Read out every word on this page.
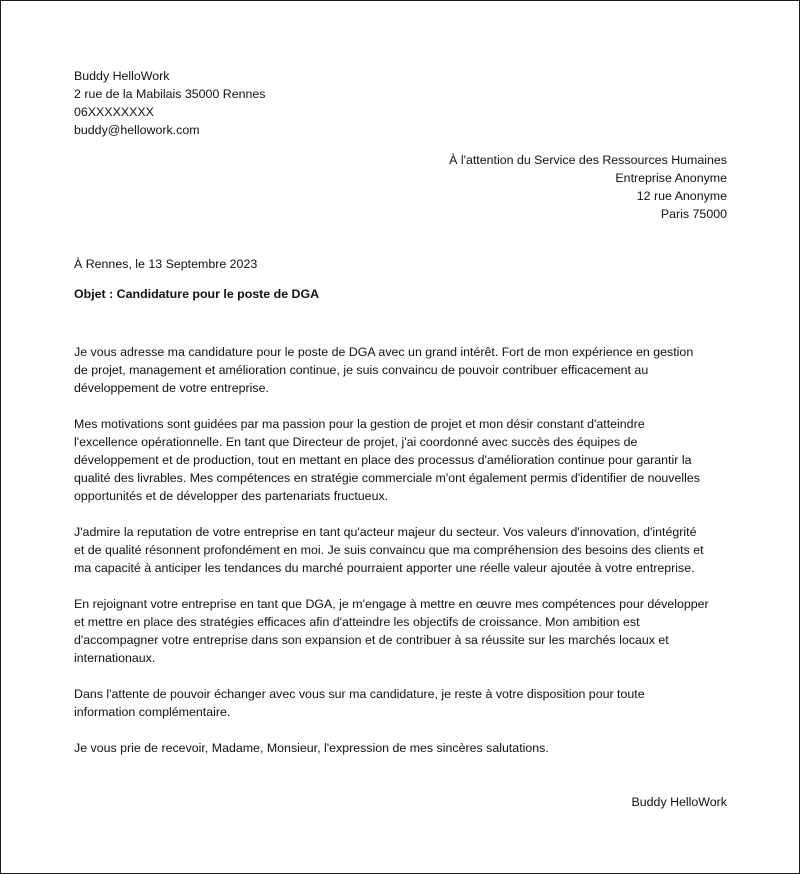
Buddy HelloWork
2 rue de la Mabilais 35000 Rennes
06XXXXXXXX
buddy@hellowork.com
À l'attention du Service des Ressources Humaines
Entreprise Anonyme
12 rue Anonyme
Paris 75000
À Rennes, le 13 Septembre 2023
Objet : Candidature pour le poste de DGA
Je vous adresse ma candidature pour le poste de DGA avec un grand intérêt. Fort de mon expérience en gestion
de projet, management et amélioration continue, je suis convaincu de pouvoir contribuer efficacement au
développement de votre entreprise.
Mes motivations sont guidées par ma passion pour la gestion de projet et mon désir constant d'atteindre
l'excellence opérationnelle. En tant que Directeur de projet, j'ai coordonné avec succès des équipes de
développement et de production, tout en mettant en place des processus d'amélioration continue pour garantir la
qualité des livrables. Mes compétences en stratégie commerciale m'ont également permis d'identifier de nouvelles
opportunités et de développer des partenariats fructueux.
J'admire la reputation de votre entreprise en tant qu'acteur majeur du secteur. Vos valeurs d'innovation, d'intégrité
et de qualité résonnent profondément en moi. Je suis convaincu que ma compréhension des besoins des clients et
ma capacité à anticiper les tendances du marché pourraient apporter une réelle valeur ajoutée à votre entreprise.
En rejoignant votre entreprise en tant que DGA, je m'engage à mettre en œuvre mes compétences pour développer
et mettre en place des stratégies efficaces afin d'atteindre les objectifs de croissance. Mon ambition est
d'accompagner votre entreprise dans son expansion et de contribuer à sa réussite sur les marchés locaux et
internationaux.
Dans l'attente de pouvoir échanger avec vous sur ma candidature, je reste à votre disposition pour toute
information complémentaire.
Je vous prie de recevoir, Madame, Monsieur, l'expression de mes sincères salutations.
Buddy HelloWork
